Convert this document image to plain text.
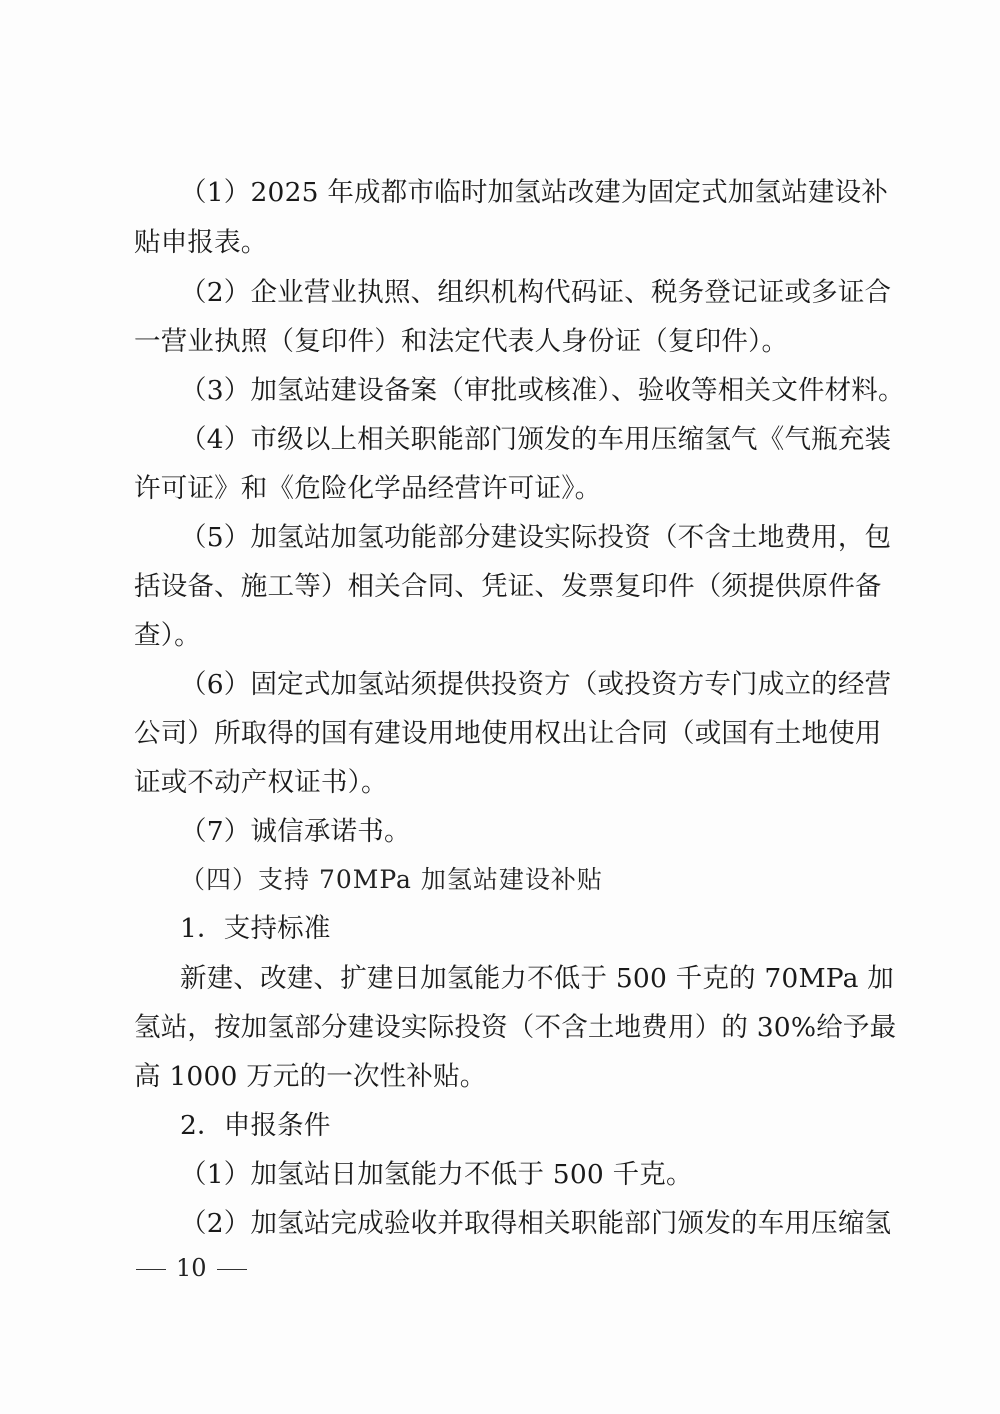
（1）2025 年成都市临时加氢站改建为固定式加氢站建设补
贴申报表。
（2）企业营业执照、组织机构代码证、税务登记证或多证合
一营业执照（复印件）和法定代表人身份证（复印件）。
（3）加氢站建设备案（审批或核准）、验收等相关文件材料。
（4）市级以上相关职能部门颁发的车用压缩氢气《气瓶充装
许可证》和《危险化学品经营许可证》。
（5）加氢站加氢功能部分建设实际投资（不含土地费用，包
括设备、施工等）相关合同、凭证、发票复印件（须提供原件备
查）。
（6）固定式加氢站须提供投资方（或投资方专门成立的经营
公司）所取得的国有建设用地使用权出让合同（或国有土地使用
证或不动产权证书）。
（7）诚信承诺书。
（四）支持 70MPa 加氢站建设补贴
1．支持标准
新建、改建、扩建日加氢能力不低于 500 千克的 70MPa 加
氢站，按加氢部分建设实际投资（不含土地费用）的 30%给予最
高 1000 万元的一次性补贴。
2．申报条件
（1）加氢站日加氢能力不低于 500 千克。
（2）加氢站完成验收并取得相关职能部门颁发的车用压缩氢
10
